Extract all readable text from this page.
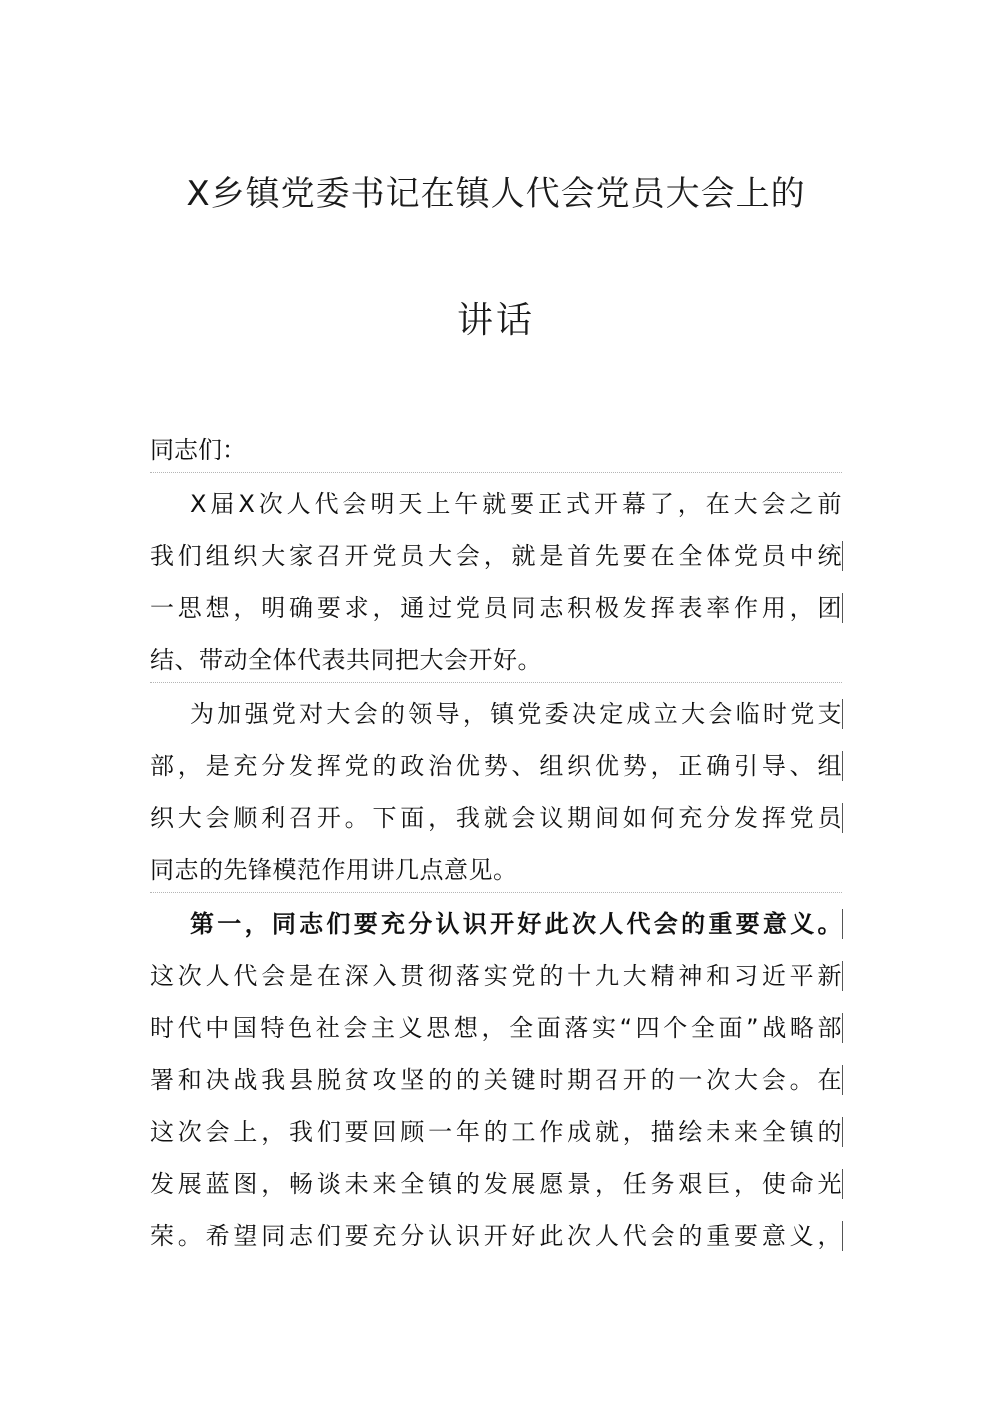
X乡镇党委书记在镇人代会党员大会上的
讲话
同志们：
X届X次人代会明天上午就要正式开幕了，在大会之前
我们组织大家召开党员大会，就是首先要在全体党员中统
一思想，明确要求，通过党员同志积极发挥表率作用，团
结、带动全体代表共同把大会开好。
为加强党对大会的领导，镇党委决定成立大会临时党支
部，是充分发挥党的政治优势、组织优势，正确引导、组
织大会顺利召开。下面，我就会议期间如何充分发挥党员
同志的先锋模范作用讲几点意见。
第一，同志们要充分认识开好此次人代会的重要意义。
这次人代会是在深入贯彻落实党的十九大精神和习近平新
时代中国特色社会主义思想，全面落实“四个全面”战略部
署和决战我县脱贫攻坚的的关键时期召开的一次大会。在
这次会上，我们要回顾一年的工作成就，描绘未来全镇的
发展蓝图，畅谈未来全镇的发展愿景，任务艰巨，使命光
荣。希望同志们要充分认识开好此次人代会的重要意义，
